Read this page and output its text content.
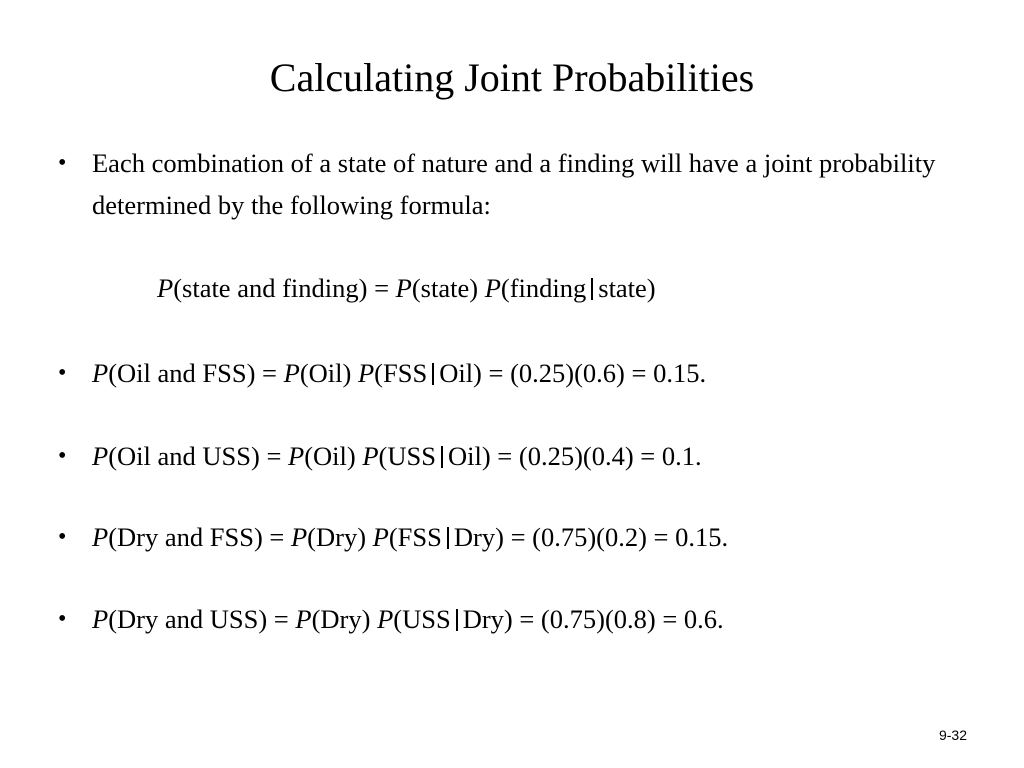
Calculating Joint Probabilities
• Each combination of a state of nature and a finding will have a joint probability determined by the following formula:
• P(Oil and FSS) = P(Oil) P(FSS Oil) = (0.25)(0.6) = 0.15.
• P(Oil and USS) = P(Oil) P(USS Oil) = (0.25)(0.4) = 0.1.
• P(Dry and FSS) = P(Dry) P(FSS Dry) = (0.75)(0.2) = 0.15.
• P(Dry and USS) = P(Dry) P(USS Dry) = (0.75)(0.8) = 0.6.
P(state and finding) = P(state) P(finding state)
9-32
